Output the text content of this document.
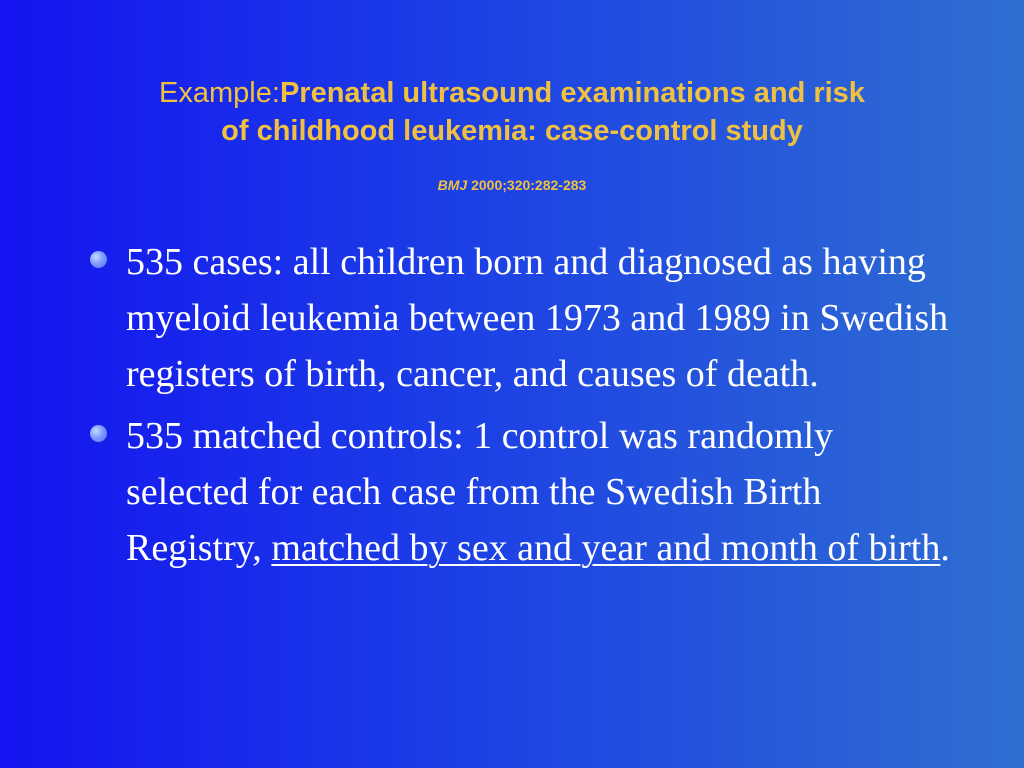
Example:Prenatal ultrasound examinations and risk
of childhood leukemia: case-control study
BMJ 2000;320:282-283
535 cases: all children born and diagnosed as having myeloid leukemia between 1973 and 1989 in Swedish registers of birth, cancer, and causes of death.
535 matched controls: 1 control was randomly selected for each case from the Swedish Birth Registry, matched by sex and year and month of birth.
